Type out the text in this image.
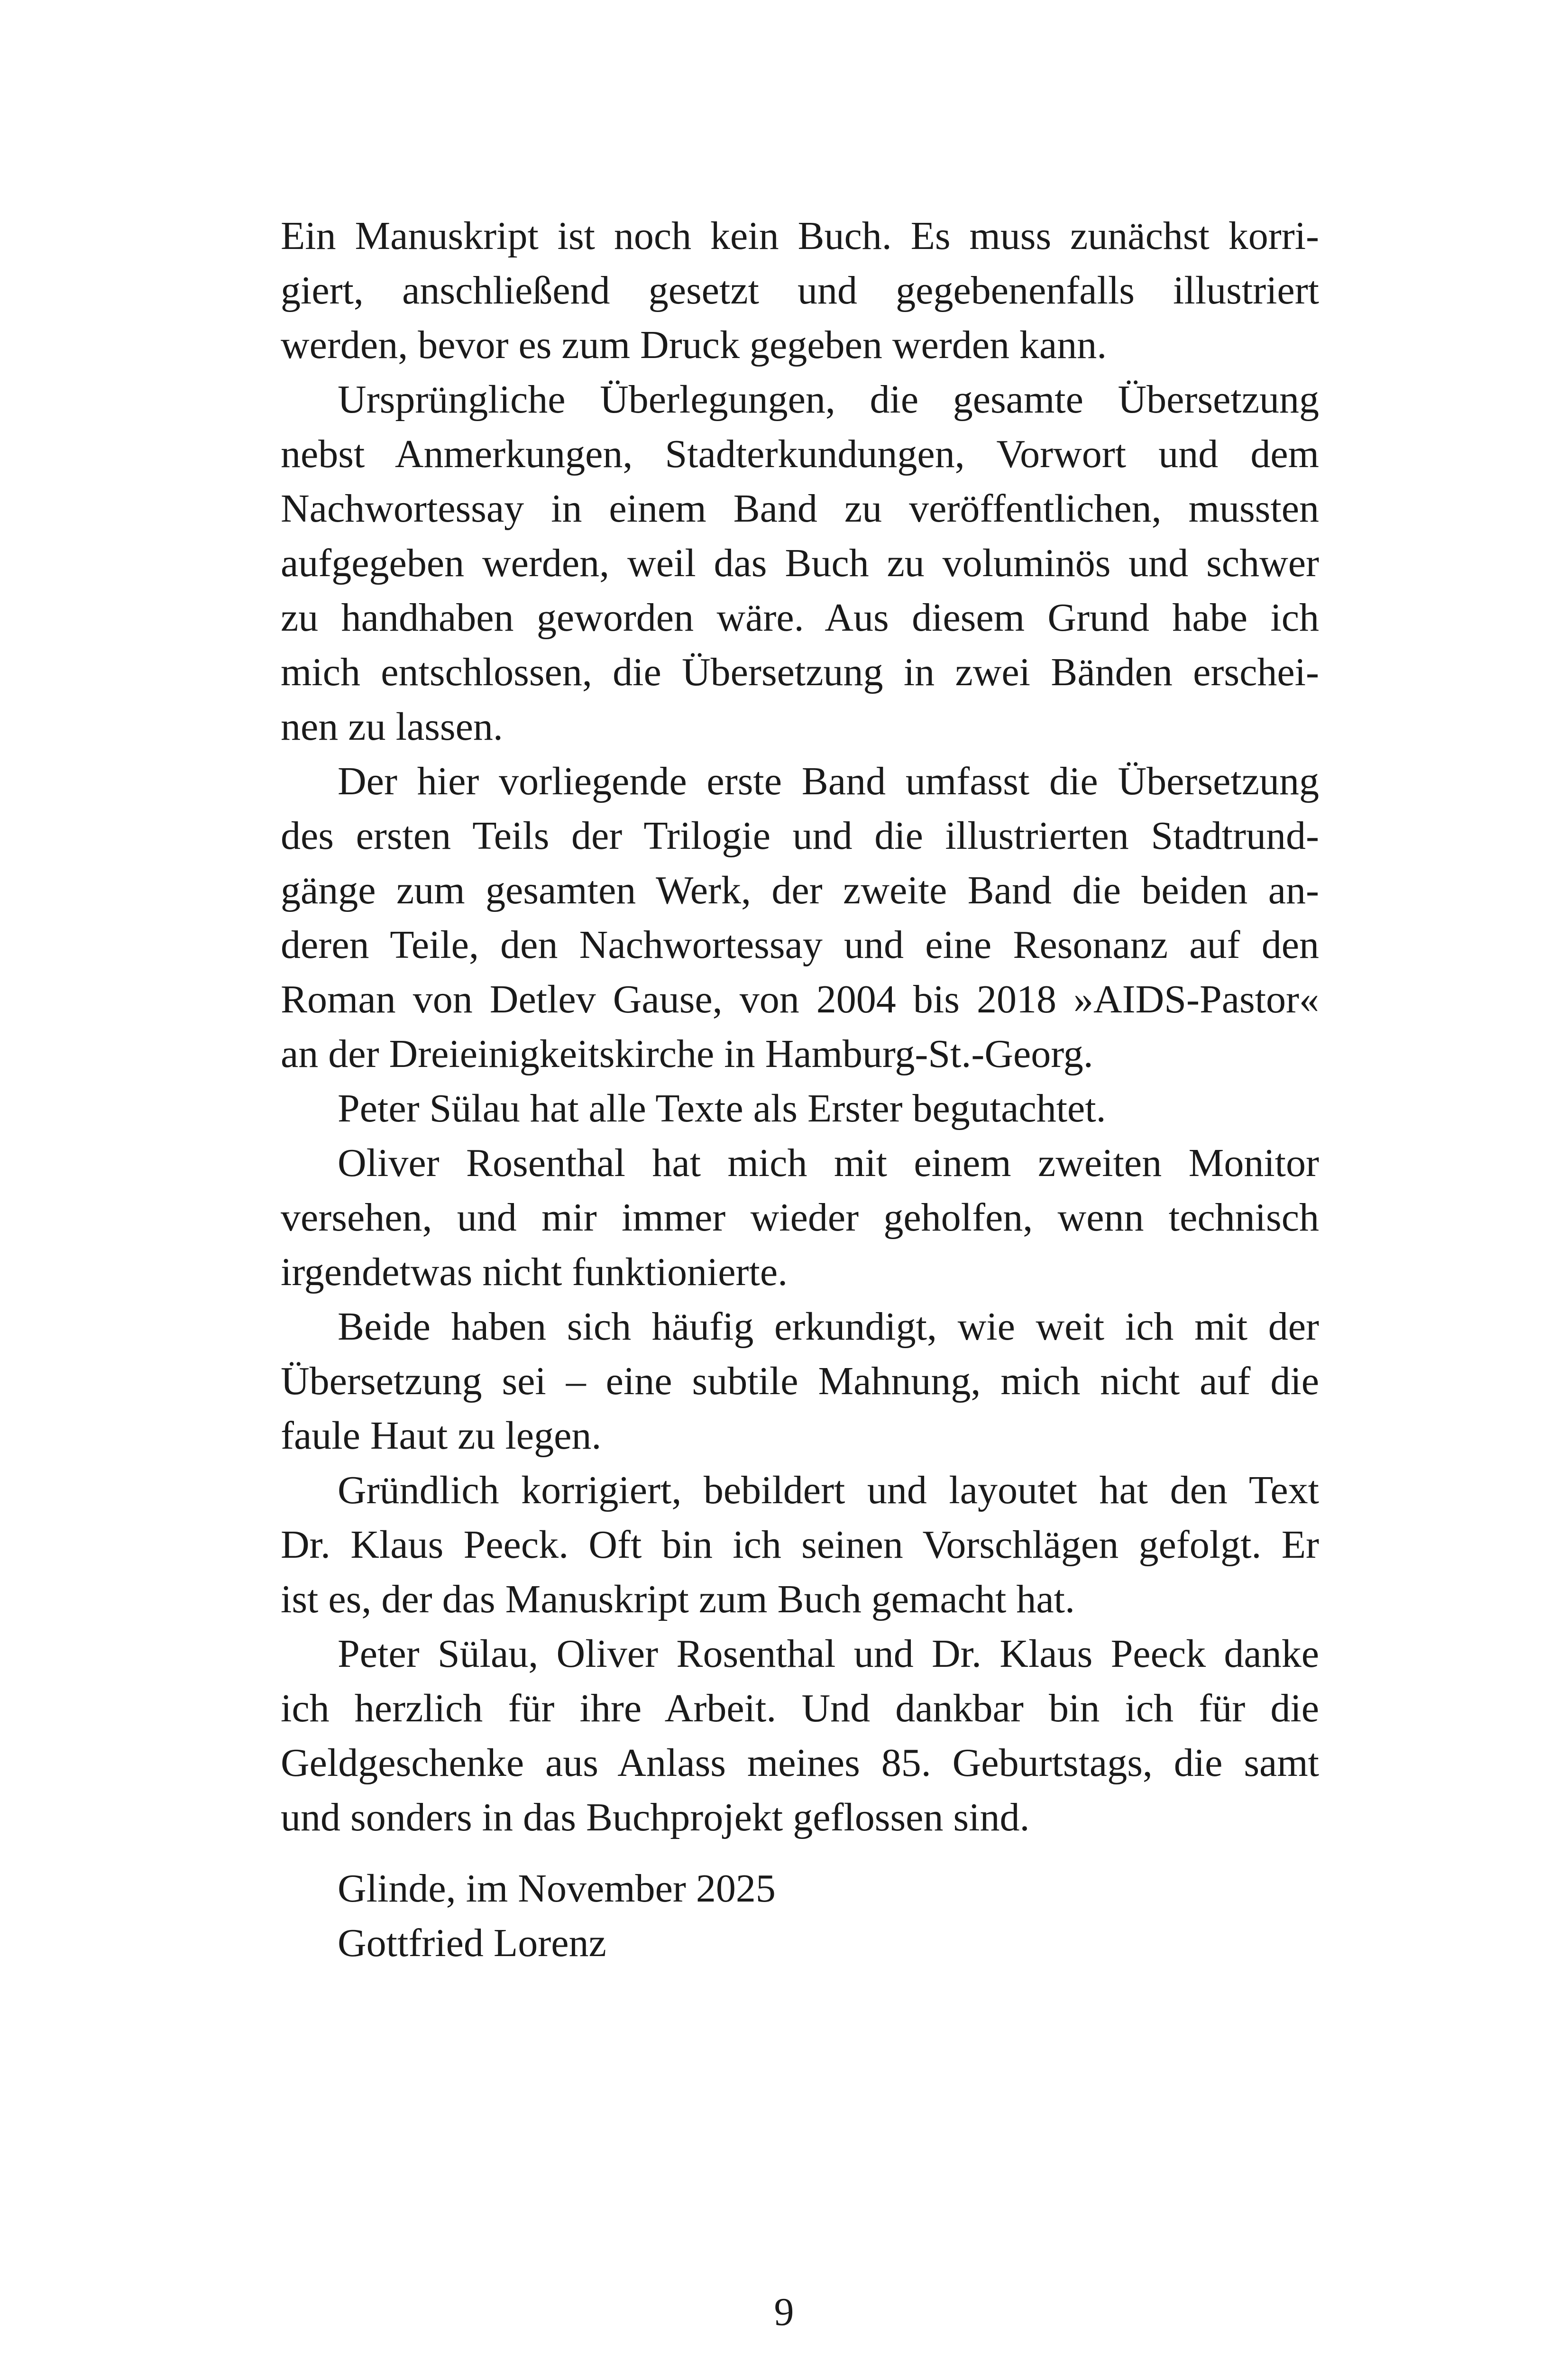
Ein Manuskript ist noch kein Buch. Es muss zunächst korri-
giert, anschließend gesetzt und gegebenenfalls illustriert
werden, bevor es zum Druck gegeben werden kann.
Ursprüngliche Überlegungen, die gesamte Übersetzung
nebst Anmerkungen, Stadterkundungen, Vorwort und dem
Nachwortessay in einem Band zu veröffentlichen, mussten
aufgegeben werden, weil das Buch zu voluminös und schwer
zu handhaben geworden wäre. Aus diesem Grund habe ich
mich entschlossen, die Übersetzung in zwei Bänden erschei-
nen zu lassen.
Der hier vorliegende erste Band umfasst die Übersetzung
des ersten Teils der Trilogie und die illustrierten Stadtrund-
gänge zum gesamten Werk, der zweite Band die beiden an-
deren Teile, den Nachwortessay und eine Resonanz auf den
Roman von Detlev Gause, von 2004 bis 2018 »AIDS-Pastor«
an der Dreieinigkeitskirche in Hamburg-St.-Georg.
Peter Sülau hat alle Texte als Erster begutachtet.
Oliver Rosenthal hat mich mit einem zweiten Monitor
versehen, und mir immer wieder geholfen, wenn technisch
irgendetwas nicht funktionierte.
Beide haben sich häufig erkundigt, wie weit ich mit der
Übersetzung sei – eine subtile Mahnung, mich nicht auf die
faule Haut zu legen.
Gründlich korrigiert, bebildert und layoutet hat den Text
Dr. Klaus Peeck. Oft bin ich seinen Vorschlägen gefolgt. Er
ist es, der das Manuskript zum Buch gemacht hat.
Peter Sülau, Oliver Rosenthal und Dr. Klaus Peeck danke
ich herzlich für ihre Arbeit. Und dankbar bin ich für die
Geldgeschenke aus Anlass meines 85. Geburtstags, die samt
und sonders in das Buchprojekt geflossen sind.
Glinde, im November 2025
Gottfried Lorenz
9
